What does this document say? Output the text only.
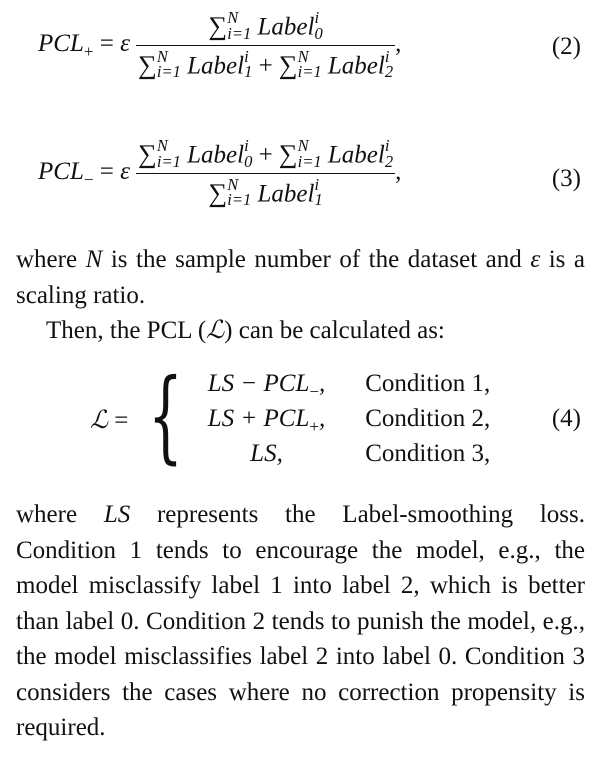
$PCL_+ = \varepsilon$
∑ N
i=1 Label i
0
∑ N
i=1 Label i
1 + ∑ N
i=1 Label i
2
,	(2)
$PCL_- = \varepsilon$
∑ N
i=1 Label i
0 + ∑ N
i=1 Label i
2
∑ N
i=1 Label i
1
,	(3)

where N is the sample number of the dataset and ε is a scaling ratio.

Then, the PCL (ℒ) can be calculated as:

ℒ = { LS − $PCL_-$, Condition 1,
LS + $PCL_+$, Condition 2,
LS,	Condition 3,
(4)

where LS represents the Label-smoothing loss. Condition 1 tends to encourage the model, e.g., the model misclassify label 1 into label 2, which is better than label 0. Condition 2 tends to punish the model, e.g., the model misclassifies label 2 into label 0. Condition 3 considers the cases where no correction propensity is required.
